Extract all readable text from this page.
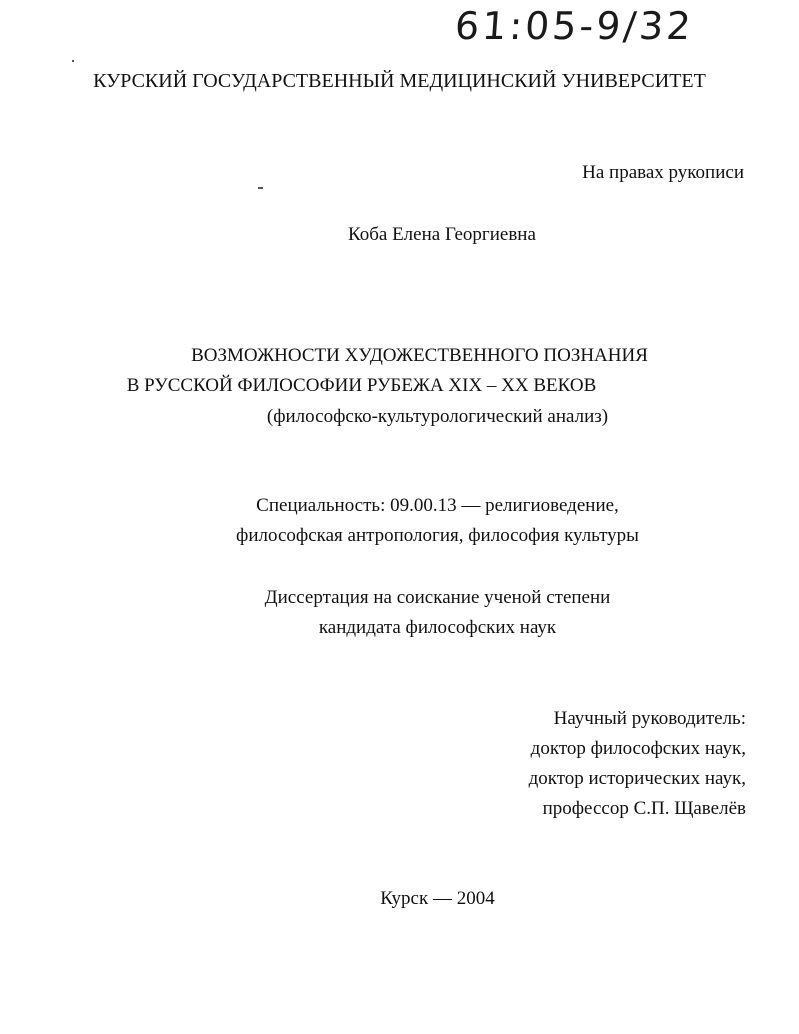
61:05-9/32
КУРСКИЙ ГОСУДАРСТВЕННЫЙ МЕДИЦИНСКИЙ УНИВЕРСИТЕТ
На правах рукописи
Коба Елена Георгиевна
ВОЗМОЖНОСТИ ХУДОЖЕСТВЕННОГО ПОЗНАНИЯ
В РУССКОЙ ФИЛОСОФИИ РУБЕЖА XIX – XX ВЕКОВ
(философско-культурологический анализ)
Специальность: 09.00.13 — религиоведение,
философская антропология, философия культуры
Диссертация на соискание ученой степени
кандидата философских наук
Научный руководитель:
доктор философских наук,
доктор исторических наук,
профессор С.П. Щавелёв
Курск — 2004
